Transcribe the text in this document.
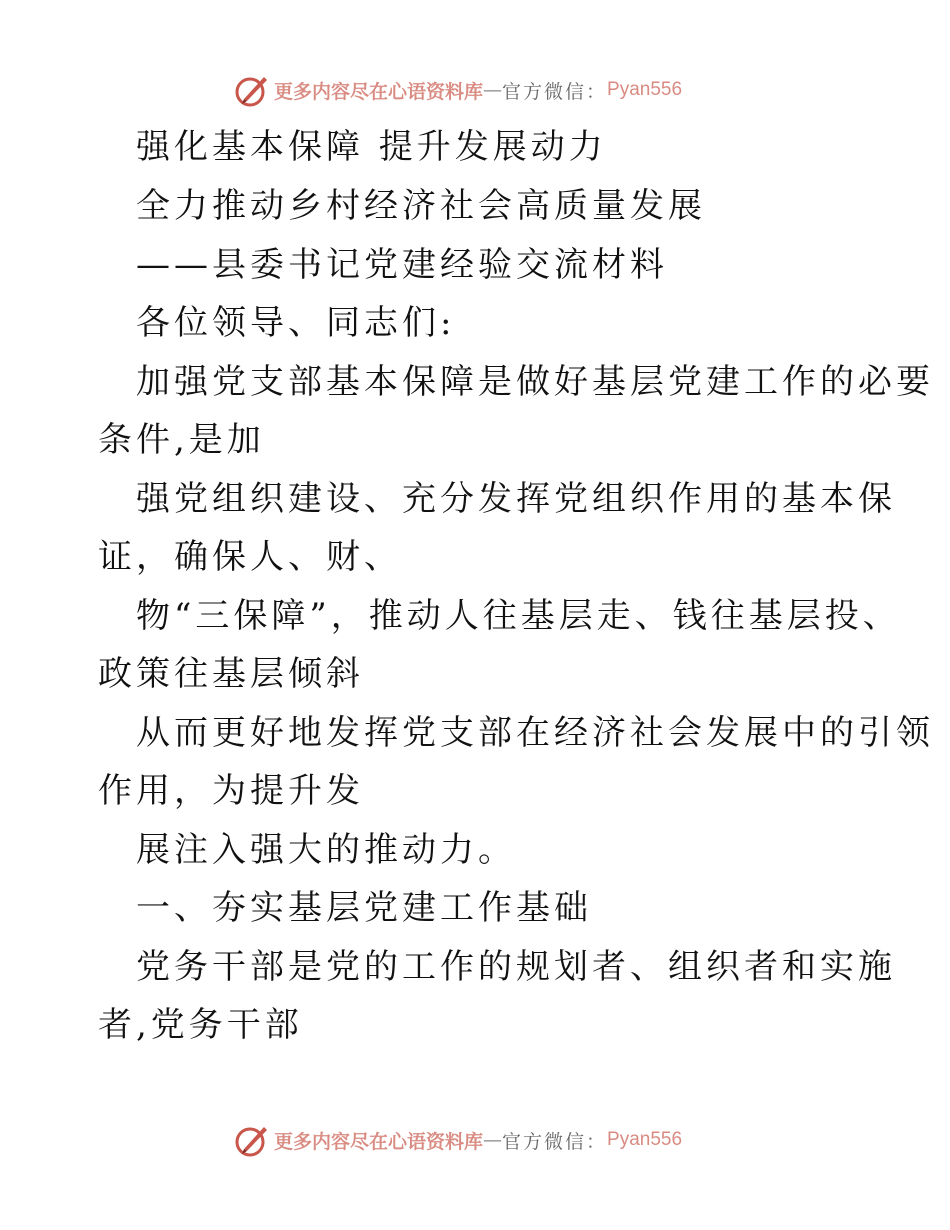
更多内容尽在心语资料库 — 官方微信： Pyan556
强化基本保障 提升发展动力
全力推动乡村经济社会高质量发展
——县委书记党建经验交流材料
各位领导、同志们:
加强党支部基本保障是做好基层党建工作的必要
条件,是加
强党组织建设、充分发挥党组织作用的基本保
证，确保人、财、
物“三保障”，推动人往基层走、钱往基层投、
政策往基层倾斜
从而更好地发挥党支部在经济社会发展中的引领
作用，为提升发
展注入强大的推动力。
一、夯实基层党建工作基础
党务干部是党的工作的规划者、组织者和实施
者,党务干部
更多内容尽在心语资料库 — 官方微信： Pyan556
